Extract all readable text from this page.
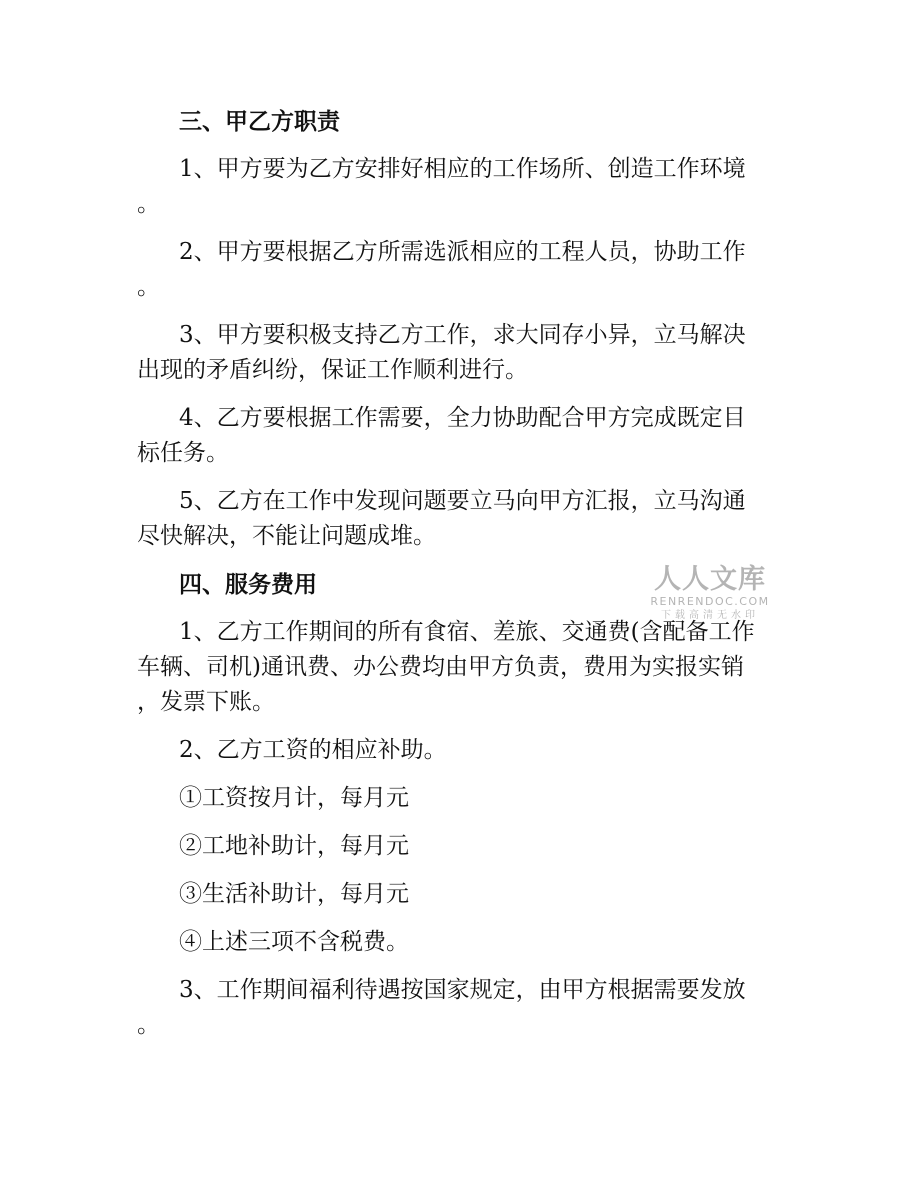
三、甲乙方职责

1、甲方要为乙方安排好相应的工作场所、创造工作环境

。

2、甲方要根据乙方所需选派相应的工程人员，协助工作

。

3、甲方要积极支持乙方工作，求大同存小异，立马解决

出现的矛盾纠纷，保证工作顺利进行。

4、乙方要根据工作需要，全力协助配合甲方完成既定目

标任务。

5、乙方在工作中发现问题要立马向甲方汇报，立马沟通

尽快解决，不能让问题成堆。

四、服务费用

1、乙方工作期间的所有食宿、差旅、交通费(含配备工作

车辆、司机)通讯费、办公费均由甲方负责，费用为实报实销

，发票下账。

2、乙方工资的相应补助。

①工资按月计，每月元

②工地补助计，每月元

③生活补助计，每月元

④上述三项不含税费。

3、工作期间福利待遇按国家规定，由甲方根据需要发放

。

人人文库
RENRENDOC.COM
下载高清无水印
